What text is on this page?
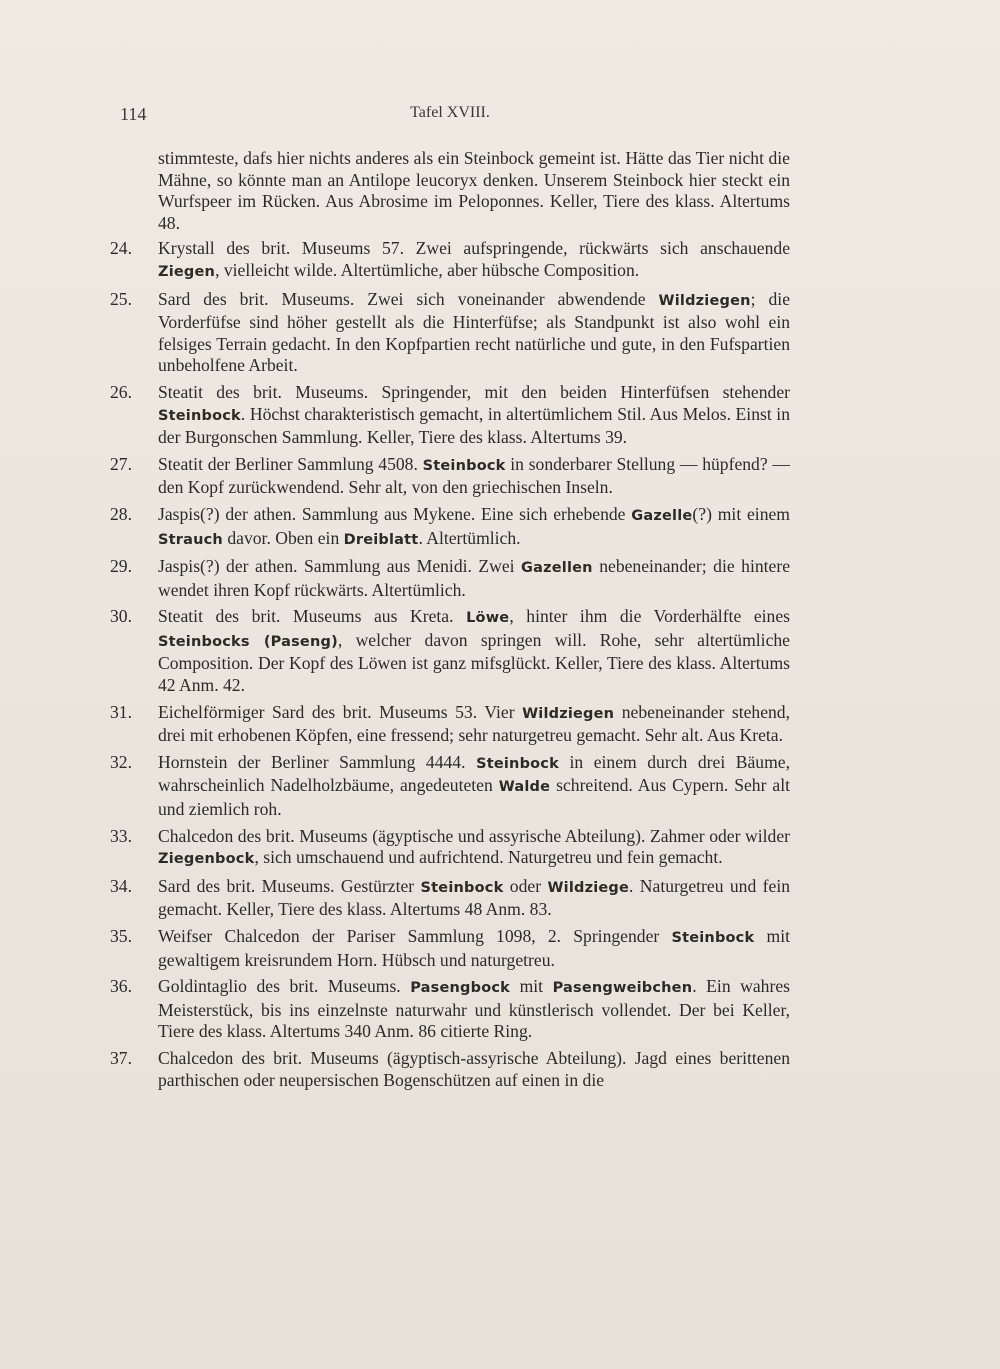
114	Tafel XVIII.

stimmteste, dafs hier nichts anderes als ein Steinbock gemeint ist. Hätte das Tier nicht die Mähne, so könnte man an Antilope leucoryx denken. Unserem Steinbock hier steckt ein Wurfspeer im Rücken. Aus Abrosime im Peloponnes. Keller, Tiere des klass. Altertums 48.

24.	Krystall des brit. Museums 57. Zwei aufspringende, rückwärts sich anschauende Ziegen, vielleicht wilde. Altertümliche, aber hübsche Composition.

25.	Sard des brit. Museums. Zwei sich voneinander abwendende Wildziegen; die Vorderfüfse sind höher gestellt als die Hinterfüfse; als Standpunkt ist also wohl ein felsiges Terrain gedacht. In den Kopfpartien recht natürliche und gute, in den Fufspartien unbeholfene Arbeit.

26.	Steatit des brit. Museums. Springender, mit den beiden Hinterfüfsen stehender Steinbock. Höchst charakteristisch gemacht, in altertümlichem Stil. Aus Melos. Einst in der Burgonschen Sammlung. Keller, Tiere des klass. Altertums 39.

27.	Steatit der Berliner Sammlung 4508. Steinbock in sonderbarer Stellung — hüpfend? — den Kopf zurückwendend. Sehr alt, von den griechischen Inseln.

28.	Jaspis(?) der athen. Sammlung aus Mykene. Eine sich erhebende Gazelle(?) mit einem Strauch davor. Oben ein Dreiblatt. Altertümlich.

29.	Jaspis(?) der athen. Sammlung aus Menidi. Zwei Gazellen nebeneinander; die hintere wendet ihren Kopf rückwärts. Altertümlich.

30.	Steatit des brit. Museums aus Kreta. Löwe, hinter ihm die Vorderhälfte eines Steinbocks (Paseng), welcher davon springen will. Rohe, sehr altertümliche Composition. Der Kopf des Löwen ist ganz mifsglückt. Keller, Tiere des klass. Altertums 42 Anm. 42.

31.	Eichelförmiger Sard des brit. Museums 53. Vier Wildziegen nebeneinander stehend, drei mit erhobenen Köpfen, eine fressend; sehr naturgetreu gemacht. Sehr alt. Aus Kreta.

32.	Hornstein der Berliner Sammlung 4444. Steinbock in einem durch drei Bäume, wahrscheinlich Nadelholzbäume, angedeuteten Walde schreitend. Aus Cypern. Sehr alt und ziemlich roh.

33.	Chalcedon des brit. Museums (ägyptische und assyrische Abteilung). Zahmer oder wilder Ziegenbock, sich umschauend und aufrichtend. Naturgetreu und fein gemacht.

34.	Sard des brit. Museums. Gestürzter Steinbock oder Wildziege. Naturgetreu und fein gemacht. Keller, Tiere des klass. Altertums 48 Anm. 83.

35.	Weifser Chalcedon der Pariser Sammlung 1098, 2. Springender Steinbock mit gewaltigem kreisrundem Horn. Hübsch und naturgetreu.

36.	Goldintaglio des brit. Museums. Pasengbock mit Pasengweibchen. Ein wahres Meisterstück, bis ins einzelnste naturwahr und künstlerisch vollendet. Der bei Keller, Tiere des klass. Altertums 340 Anm. 86 citierte Ring.

37.	Chalcedon des brit. Museums (ägyptisch-assyrische Abteilung). Jagd eines berittenen parthischen oder neupersischen Bogenschützen auf einen in die
